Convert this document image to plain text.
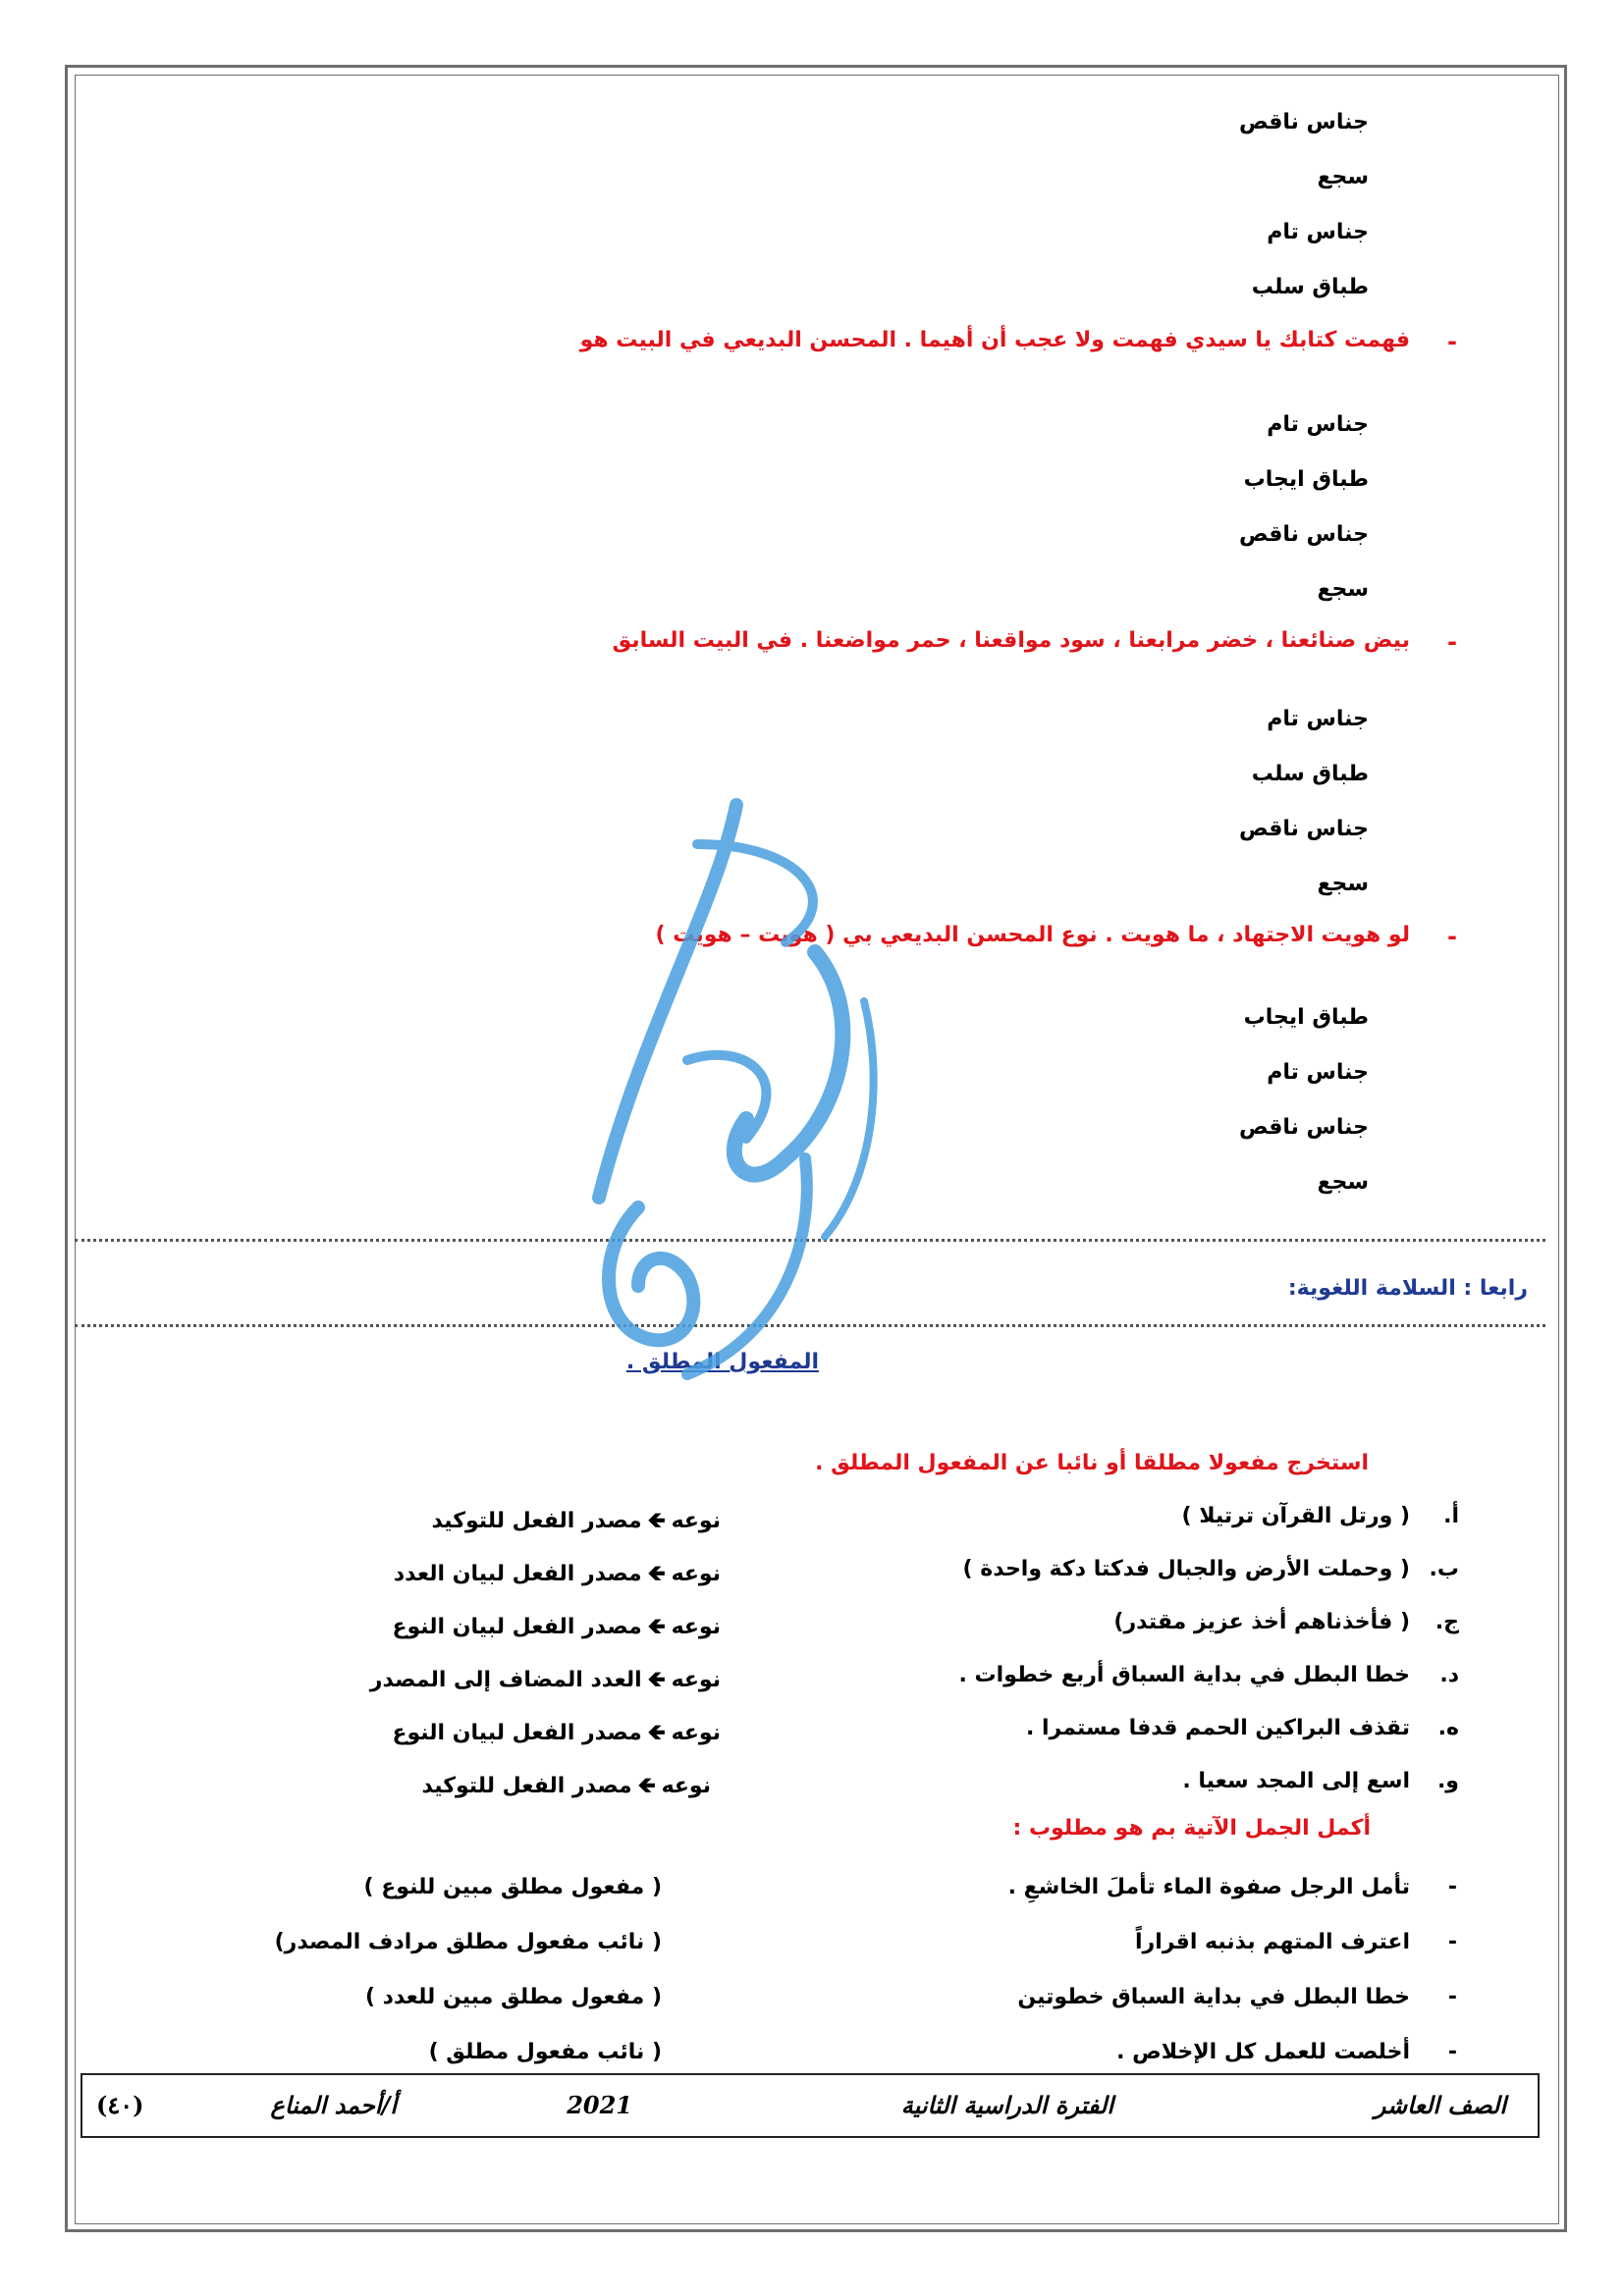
جناس ناقص
سجع
جناس تام
طباق سلب
-
فهمت كتابك يا سيدي فهمت ولا عجب أن أهيما . المحسن البديعي في البيت هو
جناس تام
طباق ايجاب
جناس ناقص
سجع
-
بيض صنائعنا ، خضر مرابعنا ، سود مواقعنا ، حمر مواضعنا . في البيت السابق
جناس تام
طباق سلب
جناس ناقص
سجع
-
لو هويت الاجتهاد ، ما هويت . نوع المحسن البديعي بي ( هويت – هويت )
طباق ايجاب
جناس تام
جناس ناقص
سجع
رابعا : السلامة اللغوية:
المفعول المطلق .
استخرج مفعولا مطلقا أو نائبا عن المفعول المطلق .
أ.
( ورتل القرآن ترتيلا )
نوعه🡸مصدر الفعل للتوكيد
ب.
( وحملت الأرض والجبال فدكتا دكة واحدة )
نوعه🡸مصدر الفعل لبيان العدد
ج.
( فأخذناهم أخذ عزيز مقتدر)
نوعه🡸مصدر الفعل لبيان النوع
د.
خطا البطل في بداية السباق أربع خطوات .
نوعه🡸العدد المضاف إلى المصدر
ه.
تقذف البراكين الحمم قدفا مستمرا .
نوعه🡸مصدر الفعل لبيان النوع
و.
اسع إلى المجد سعيا .
نوعه🡸مصدر الفعل للتوكيد
أكمل الجمل الآتية بم هو مطلوب :
-
تأمل الرجل صفوة الماء تأملَ الخاشعِ .
( مفعول مطلق مبين للنوع )
-
اعترف المتهم بذنبه اقراراً
( نائب مفعول مطلق مرادف المصدر)
-
خطا البطل في بداية السباق خطوتين
( مفعول مطلق مبين للعدد )
-
أخلصت للعمل كل الإخلاص .
( نائب مفعول مطلق )
الصف العاشر
الفترة الدراسية الثانية
2021
أ/أحمد المناع
(٤٠)
